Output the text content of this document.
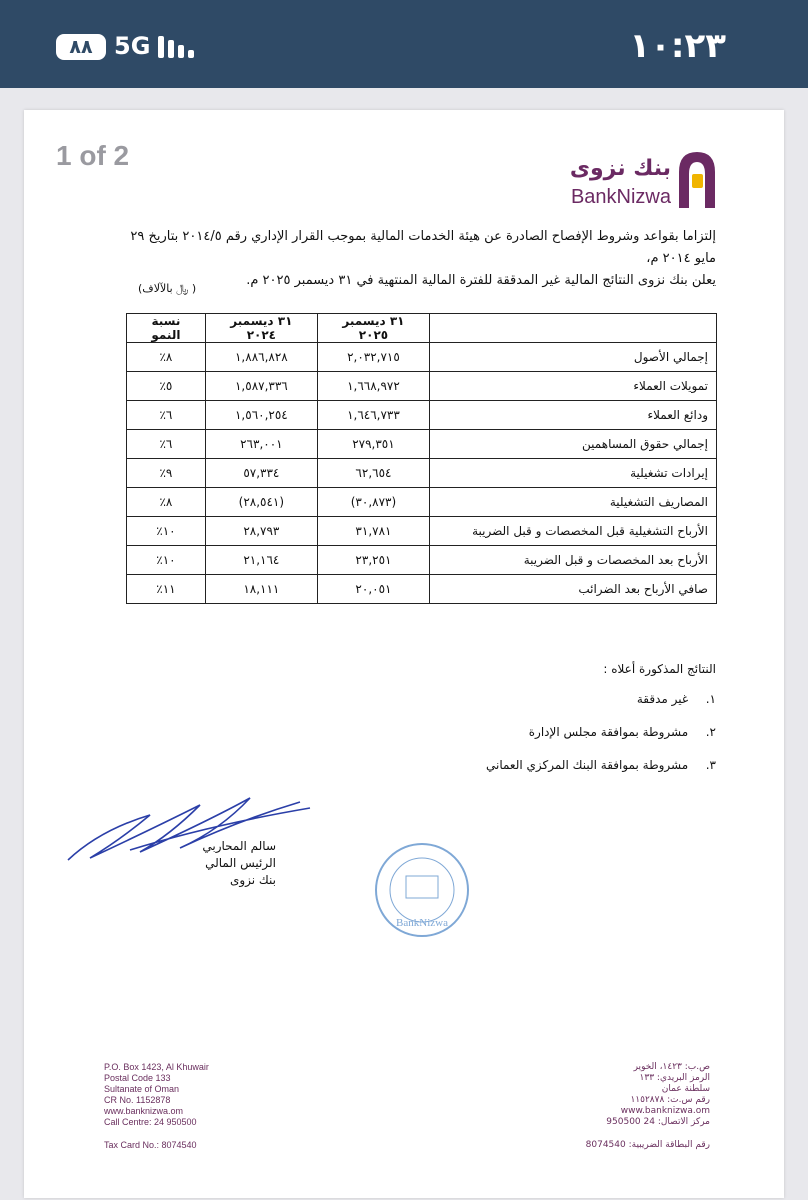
٨٨ 5G	١٠:٢٣
1 of 2	بنك نزوى
BankNizwa
إلتزاما بقواعد وشروط الإفصاح الصادرة عن هيئة الخدمات المالية بموجب القرار الإداري رقم ٢٠١٤/٥ بتاريخ ٢٩ مايو ٢٠١٤ م،
يعلن بنك نزوى النتائج المالية غير المدققة للفترة المالية المنتهية في ٣١ ديسمبر ٢٠٢٥ م.
( ﷼ بالآلاف)
	٣١ ديسمبر ٢٠٢٥	٣١ ديسمبر ٢٠٢٤	نسبة النمو
إجمالي الأصول	٢,٠٣٢,٧١٥	١,٨٨٦,٨٢٨	٨٪
تمويلات العملاء	١,٦٦٨,٩٧٢	١,٥٨٧,٣٣٦	٥٪
ودائع العملاء	١,٦٤٦,٧٣٣	١,٥٦٠,٢٥٤	٦٪
إجمالي حقوق المساهمين	٢٧٩,٣٥١	٢٦٣,٠٠١	٦٪
إيرادات تشغيلية	٦٢,٦٥٤	٥٧,٣٣٤	٩٪
المصاريف التشغيلية	(٣٠,٨٧٣)	(٢٨,٥٤١)	٨٪
الأرباح التشغيلية قبل المخصصات و قبل الضريبة	٣١,٧٨١	٢٨,٧٩٣	١٠٪
الأرباح بعد المخصصات و قبل الضريبة	٢٣,٢٥١	٢١,١٦٤	١٠٪
صافي الأرباح بعد الضرائب	٢٠,٠٥١	١٨,١١١	١١٪
النتائج المذكورة أعلاه :
١. غير مدققة
٢. مشروطة بموافقة مجلس الإدارة
٣. مشروطة بموافقة البنك المركزي العماني
سالم المحاربي
الرئيس المالي
بنك نزوى
BankNizwa
P.O. Box 1423, Al Khuwair
Postal Code 133
Sultanate of Oman
CR No. 1152878
www.banknizwa.om
Call Centre: 24 950500
ص.ب: ١٤٢٣، الخوير
الرمز البريدي: ١٣٣
سلطنة عمان
رقم س.ت: ١١٥٢٨٧٨
www.banknizwa.om
مركز الاتصال: 24 950500
Tax Card No.: 8074540	رقم البطاقة الضريبية: 8074540
